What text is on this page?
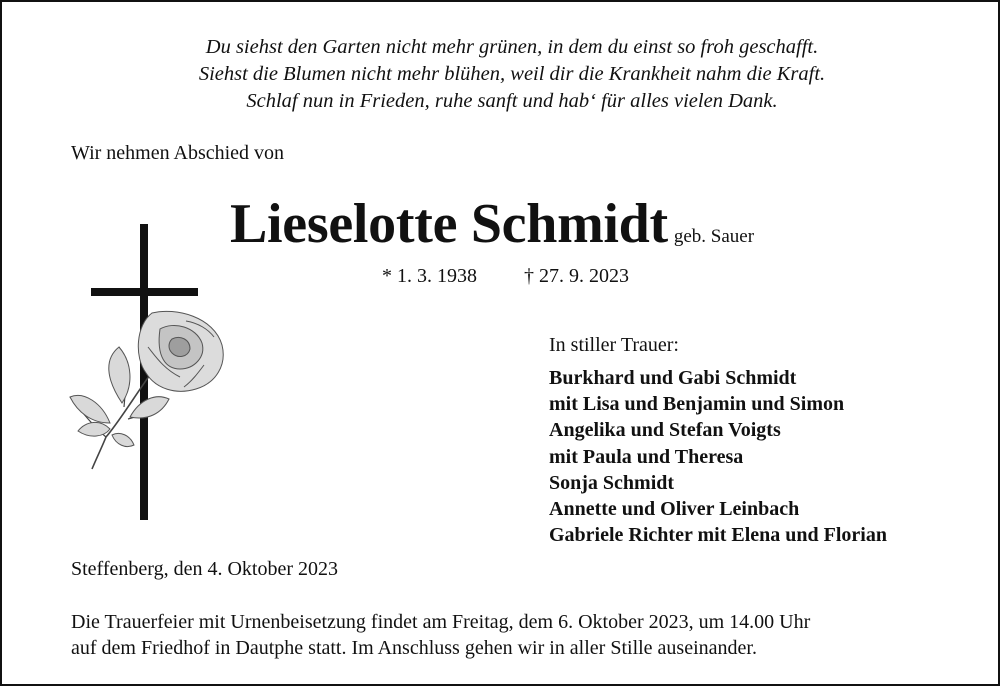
Du siehst den Garten nicht mehr grünen, in dem du einst so froh geschafft.
Siehst die Blumen nicht mehr blühen, weil dir die Krankheit nahm die Kraft.
Schlaf nun in Frieden, ruhe sanft und hab‘ für alles vielen Dank.
Wir nehmen Abschied von
Lieselotte Schmidt geb. Sauer
* 1. 3. 1938 † 27. 9. 2023
In stiller Trauer:
Burkhard und Gabi Schmidt
mit Lisa und Benjamin und Simon
Angelika und Stefan Voigts
mit Paula und Theresa
Sonja Schmidt
Annette und Oliver Leinbach
Gabriele Richter mit Elena und Florian
Steffenberg, den 4. Oktober 2023
Die Trauerfeier mit Urnenbeisetzung findet am Freitag, dem 6. Oktober 2023, um 14.00 Uhr
auf dem Friedhof in Dautphe statt. Im Anschluss gehen wir in aller Stille auseinander.
